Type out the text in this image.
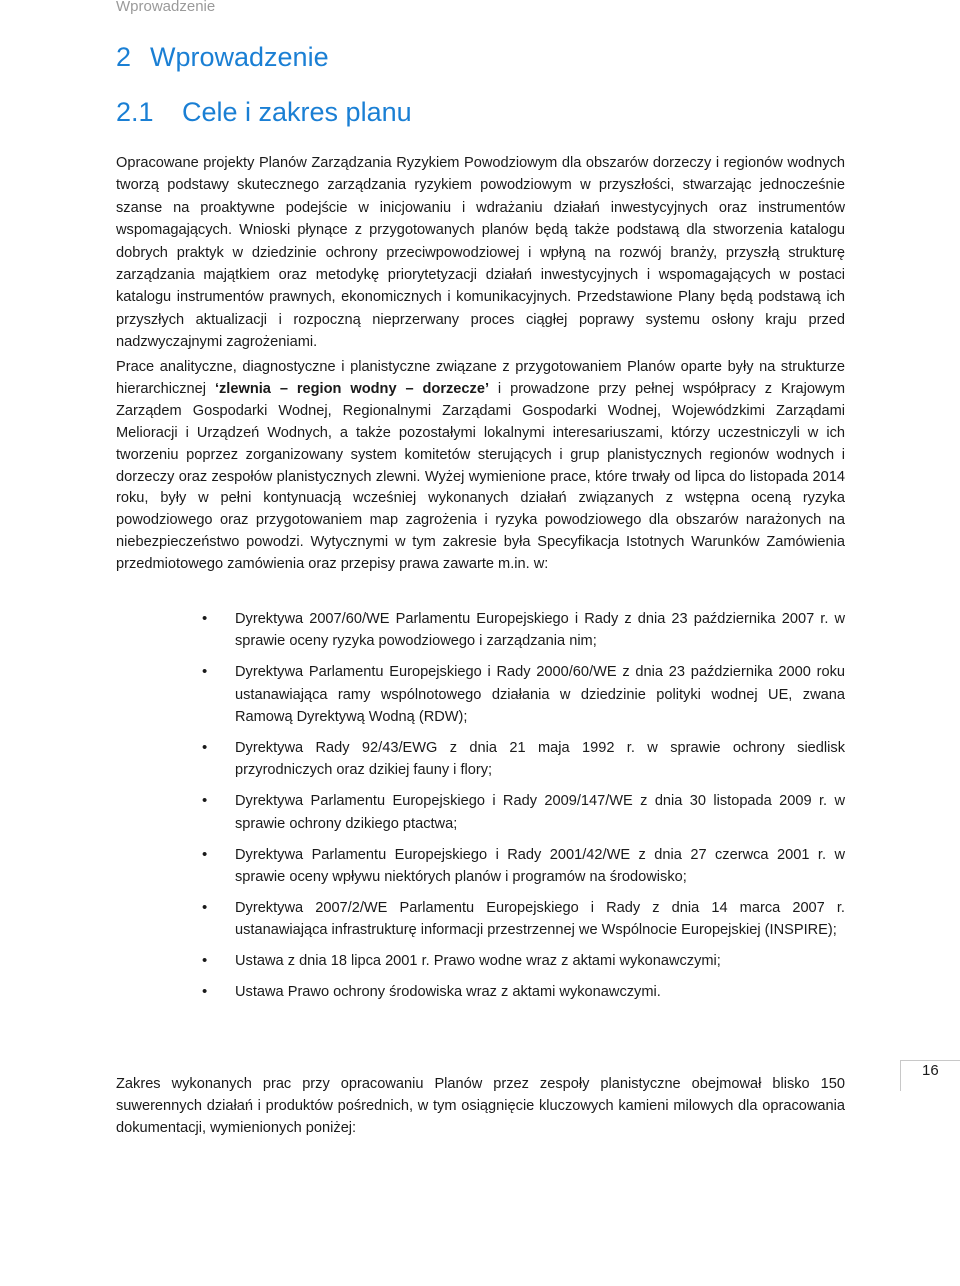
Wprowadzenie
2 Wprowadzenie
2.1 Cele i zakres planu

Opracowane projekty Planów Zarządzania Ryzykiem Powodziowym dla obszarów dorzeczy i regionów wodnych tworzą podstawy skutecznego zarządzania ryzykiem powodziowym w przyszłości, stwarzając jednocześnie szanse na proaktywne podejście w inicjowaniu i wdrażaniu działań inwestycyjnych oraz instrumentów wspomagających. Wnioski płynące z przygotowanych planów będą także podstawą dla stworzenia katalogu dobrych praktyk w dziedzinie ochrony przeciwpowodziowej i wpłyną na rozwój branży, przyszłą strukturę zarządzania majątkiem oraz metodykę priorytetyzacji działań inwestycyjnych i wspomagających w postaci katalogu instrumentów prawnych, ekonomicznych i komunikacyjnych. Przedstawione Plany będą podstawą ich przyszłych aktualizacji i rozpoczną nieprzerwany proces ciągłej poprawy systemu osłony kraju przed nadzwyczajnymi zagrożeniami.

Prace analityczne, diagnostyczne i planistyczne związane z przygotowaniem Planów oparte były na strukturze hierarchicznej ‘zlewnia – region wodny – dorzecze’ i prowadzone przy pełnej współpracy z Krajowym Zarządem Gospodarki Wodnej, Regionalnymi Zarządami Gospodarki Wodnej, Wojewódzkimi Zarządami Melioracji i Urządzeń Wodnych, a także pozostałymi lokalnymi interesariuszami, którzy uczestniczyli w ich tworzeniu poprzez zorganizowany system komitetów sterujących i grup planistycznych regionów wodnych i dorzeczy oraz zespołów planistycznych zlewni. Wyżej wymienione prace, które trwały od lipca do listopada 2014 roku, były w pełni kontynuacją wcześniej wykonanych działań związanych z wstępna oceną ryzyka powodziowego oraz przygotowaniem map zagrożenia i ryzyka powodziowego dla obszarów narażonych na niebezpieczeństwo powodzi. Wytycznymi w tym zakresie była Specyfikacja Istotnych Warunków Zamówienia przedmiotowego zamówienia oraz przepisy prawa zawarte m.in. w:

• Dyrektywa 2007/60/WE Parlamentu Europejskiego i Rady z dnia 23 października 2007 r. w sprawie oceny ryzyka powodziowego i zarządzania nim;
• Dyrektywa Parlamentu Europejskiego i Rady 2000/60/WE z dnia 23 października 2000 roku ustanawiająca ramy wspólnotowego działania w dziedzinie polityki wodnej UE, zwana Ramową Dyrektywą Wodną (RDW);
• Dyrektywa Rady 92/43/EWG z dnia 21 maja 1992 r. w sprawie ochrony siedlisk przyrodniczych oraz dzikiej fauny i flory;
• Dyrektywa Parlamentu Europejskiego i Rady 2009/147/WE z dnia 30 listopada 2009 r. w sprawie ochrony dzikiego ptactwa;
• Dyrektywa Parlamentu Europejskiego i Rady 2001/42/WE z dnia 27 czerwca 2001 r. w sprawie oceny wpływu niektórych planów i programów na środowisko;
• Dyrektywa 2007/2/WE Parlamentu Europejskiego i Rady z dnia 14 marca 2007 r. ustanawiająca infrastrukturę informacji przestrzennej we Wspólnocie Europejskiej (INSPIRE);
• Ustawa z dnia 18 lipca 2001 r. Prawo wodne wraz z aktami wykonawczymi;
• Ustawa Prawo ochrony środowiska wraz z aktami wykonawczymi.
16

Zakres wykonanych prac przy opracowaniu Planów przez zespoły planistyczne obejmował blisko 150 suwerennych działań i produktów pośrednich, w tym osiągnięcie kluczowych kamieni milowych dla opracowania dokumentacji, wymienionych poniżej:
